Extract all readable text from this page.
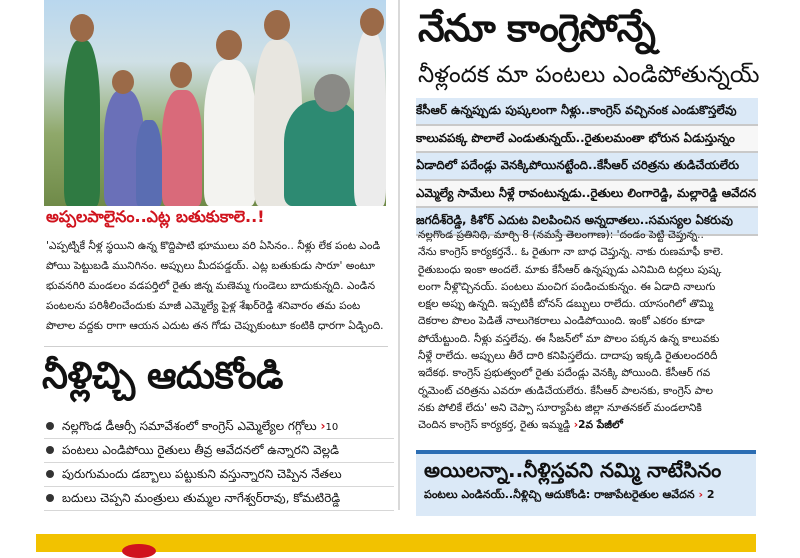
అప్పలపాలైనం..ఎట్ల బతుకుకాలె..!
'ఎప్పట్నికే నీళ్ల స్థయిని ఉన్న కొద్దిపాటి భూములు వరి ఏసినం.. నీళ్లు లేక పంట ఎండి
పోయి పెట్టుబడి మునిగినం. అప్పులు మీదపడ్డయ్. ఎట్ల బతుకుడు సారూ' అంటూ
భువనగిరి మండలం వడపర్తిలో రైతు జిన్న మణెమ్మ గుండెలు బాదుకున్నది. ఎండిన
పంటలను పరిశీలించేందుకు మాజీ ఎమ్మెల్యే పైళ్ల శేఖర్‌రెడ్డి శనివారం తమ పంట
పొలాల వద్దకు రాగా ఆయన ఎదుట తన గోడు చెప్పుకుంటూ కంటికి ధారగా ఏడ్చింది.
నీళ్లిచ్చి ఆదుకోండి
నల్లగొండ డీఆర్సీ సమావేశంలో కాంగ్రెస్ ఎమ్మెల్యేల గగ్గోలు ›10
పంటలు ఎండిపోయి రైతులు తీవ్ర ఆవేదనలో ఉన్నారని వెల్లడి
పురుగుమందు డబ్బాలు పట్టుకుని వస్తున్నారని చెప్పిన నేతలు
బదులు చెప్పని మంత్రులు తుమ్మల నాగేశ్వర్‌రావు, కోమటిరెడ్డి
నేనూ కాంగ్రెసోన్నే
నీళ్లందక మా పంటలు ఎండిపోతున్నయ్
కేసీఆర్ ఉన్నప్పుడు పుష్కలంగా నీళ్లు..కాంగ్రెస్ వచ్చినంక ఎండుకొస్తలేవు
కాలువపక్క పొలాలే ఎండుతున్నయ్..రైతులమంతా భోరున ఏడుస్తున్నం
ఏడాదిలో పదేండ్లు వెనక్కిపోయినట్టేంది..కేసీఆర్ చరిత్రను తుడిచేయలేరు
ఎమ్మెల్యే సామేలు నీళ్లే రావంటున్నడు..రైతులు లింగారెడ్డి, మల్లారెడ్డి ఆవేదన
జగదీశ్‌రెడ్డి, కిశోర్ ఎదుట విలపించిన అన్నదాతలు..సమస్యల ఏకరువు
నల్లగొండ ప్రతినిధి, మార్చి 8 (నమస్తే తెలంగాణ): 'దండం పెట్టి చెప్తున్న..
నేను కాంగ్రెస్ కార్యకర్తనే.. ఓ రైతుగా నా బాధ చెప్తున్న. నాకు రుణమాఫీ కాలె.
రైతుబంధు ఇంకా అందలే. మాకు కేసీఆర్ ఉన్నప్పుడు ఎనిమిది టర్లలు పుష్క
లంగా నీళ్లొచ్చినయ్. పంటలు మంచిగ పండించుకున్నం. ఈ ఏడాది నాలుగు
లక్షల అప్పు ఉన్నది. ఇప్పటికీ బోనస్ డబ్బులు రాలేదు. యాసంగిలో తొమ్మి
దెకరాల పొలం పెడితే నాలుగెకరాలు ఎండిపోయింది. ఇంకో ఎకరం కూడా
పోయేట్టుంది. నీళ్లు వస్తలేవు. ఈ సీజన్‌లో మా పొలం పక్కన ఉన్న కాలువకు
నీళ్లే రాలేదు. అప్పులు తీరే దారి కనిపిస్తలేదు. దాదాపు ఇక్కడి రైతులందరిదీ
ఇదేకథ. కాంగ్రెస్ ప్రభుత్వంలో రైతు పదేండ్లు వెనక్కి పోయింది. కేసీఆర్ గవ
ర్నమెంట్ చరిత్రను ఎవరూ తుడిచేయలేరు. కేసీఆర్ పాలనకు, కాంగ్రెస్ పాల
నకు పోలికే లేదు' అని చెప్పా సూర్యాపేట జిల్లా నూతనకల్ మండలానికి
చెందిన కాంగ్రెస్ కార్యకర్త, రైతు ఇమ్మడ్డి ›2వ పేజీలో
అయిలన్నా..నీళ్లిస్తవని నమ్మి నాటేసినం
పంటలు ఎండినయ్..నీళ్లిచ్చి ఆదుకోండి: రాజాపేటరైతుల ఆవేదన › 2
